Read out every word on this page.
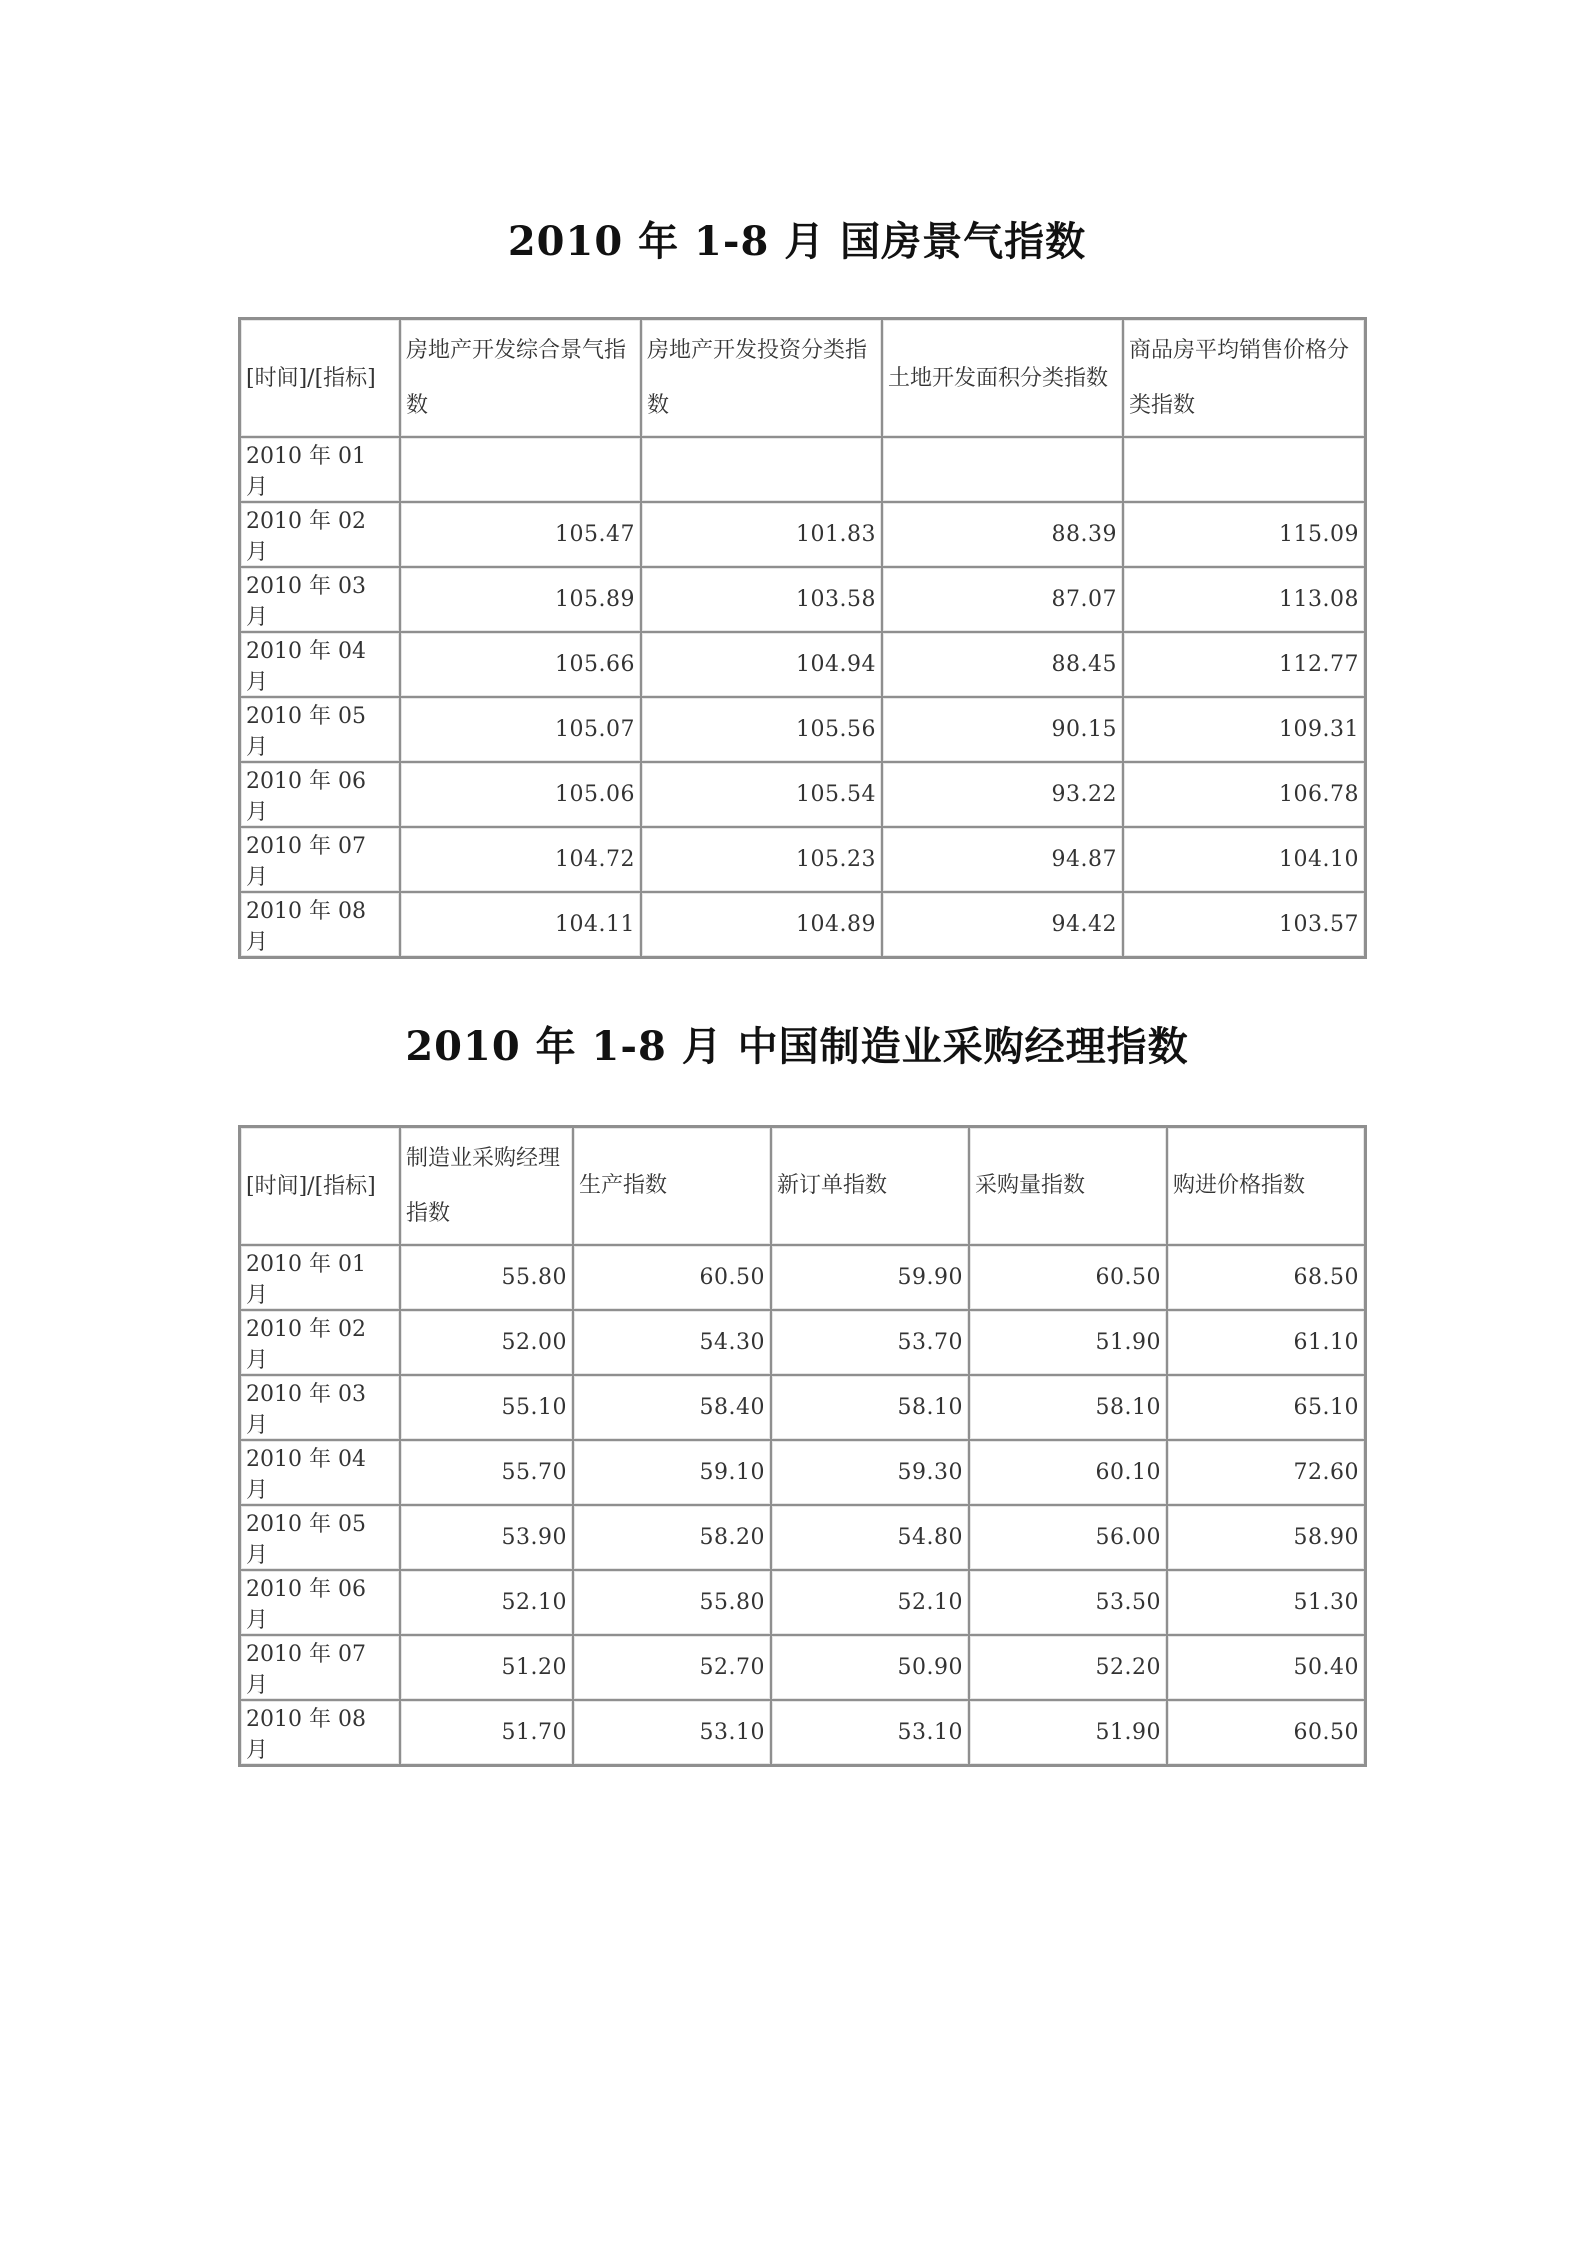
2010 年 1-8 月 国房景气指数
[时间]/[指标]	房地产开发综合景气指数	房地产开发投资分类指数	土地开发面积分类指数	商品房平均销售价格分类指数
2010 年 01 月				
2010 年 02 月	105.47	101.83	88.39	115.09
2010 年 03 月	105.89	103.58	87.07	113.08
2010 年 04 月	105.66	104.94	88.45	112.77
2010 年 05 月	105.07	105.56	90.15	109.31
2010 年 06 月	105.06	105.54	93.22	106.78
2010 年 07 月	104.72	105.23	94.87	104.10
2010 年 08 月	104.11	104.89	94.42	103.57
2010 年 1-8 月 中国制造业采购经理指数
[时间]/[指标]	制造业采购经理指数	生产指数	新订单指数	采购量指数	购进价格指数
2010 年 01 月	55.80	60.50	59.90	60.50	68.50
2010 年 02 月	52.00	54.30	53.70	51.90	61.10
2010 年 03 月	55.10	58.40	58.10	58.10	65.10
2010 年 04 月	55.70	59.10	59.30	60.10	72.60
2010 年 05 月	53.90	58.20	54.80	56.00	58.90
2010 年 06 月	52.10	55.80	52.10	53.50	51.30
2010 年 07 月	51.20	52.70	50.90	52.20	50.40
2010 年 08 月	51.70	53.10	53.10	51.90	60.50
